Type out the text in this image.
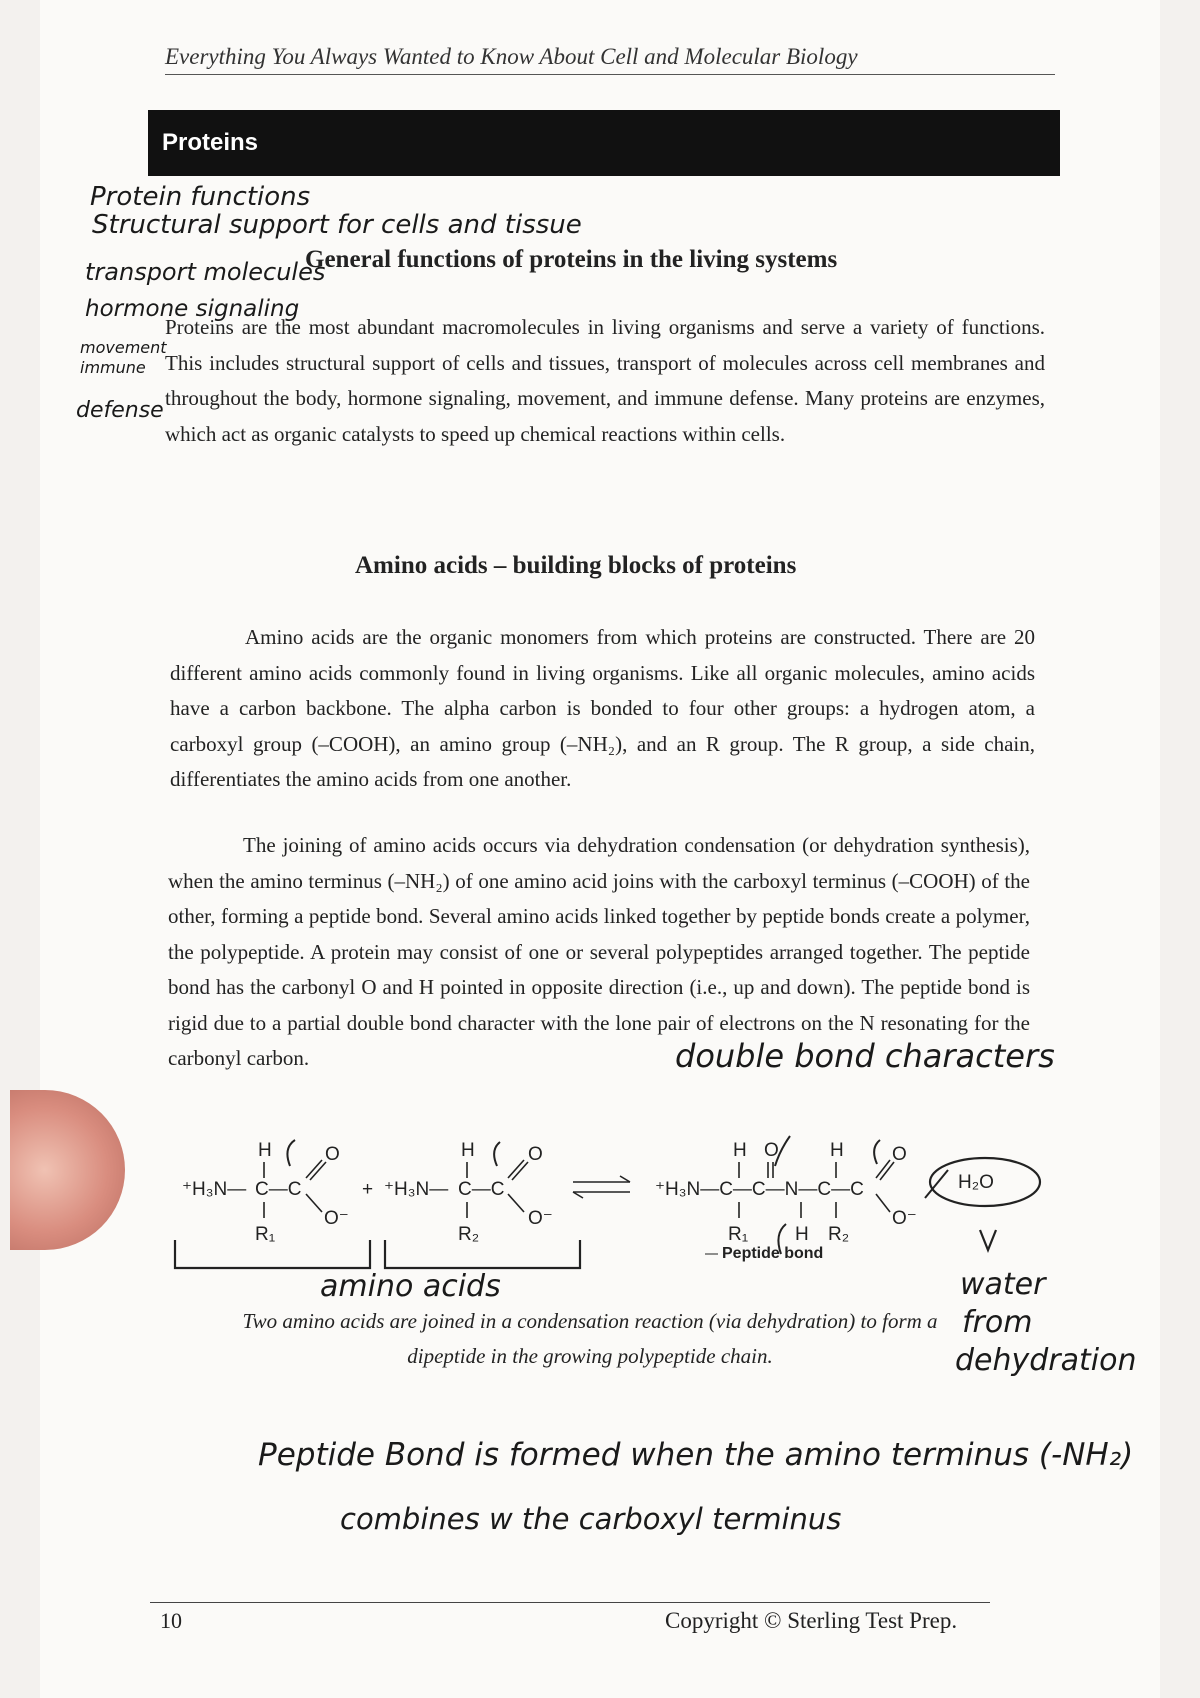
Everything You Always Wanted to Know About Cell and Molecular Biology
Proteins
Protein functions
Structural support for cells and tissue
transport molecules
hormone signaling
movement
immune
defense
General functions of proteins in the living systems

Proteins are the most abundant macromolecules in living organisms and serve a variety of functions. This includes structural support of cells and tissues, transport of molecules across cell membranes and throughout the body, hormone signaling, movement, and immune defense. Many proteins are enzymes, which act as organic catalysts to speed up chemical reactions within cells.

Amino acids – building blocks of proteins

Amino acids are the organic monomers from which proteins are constructed. There are 20 different amino acids commonly found in living organisms. Like all organic molecules, amino acids have a carbon backbone. The alpha carbon is bonded to four other groups: a hydrogen atom, a carboxyl group (–COOH), an amino group (–NH₂), and an R group. The R group, a side chain, differentiates the amino acids from one another.

The joining of amino acids occurs via dehydration condensation (or dehydration synthesis), when the amino terminus (–NH₂) of one amino acid joins with the carboxyl terminus (–COOH) of the other, forming a peptide bond. Several amino acids linked together by peptide bonds create a polymer, the polypeptide. A protein may consist of one or several polypeptides arranged together. The peptide bond has the carbonyl O and H pointed in opposite direction (i.e., up and down). The peptide bond is rigid due to a partial double bond character with the lone pair of electrons on the N resonating for the carbonyl carbon.	double bond characters
⁺H₃N— C—C
H
R₁
O
O⁻
+ ⁺H₃N— C—C
H
R₂
O
O⁻
⁺H₃N—C—C—N—C—C
H O	H
R₁ H R₂
O
O⁻
Peptide bond
H₂O
amino acids	water
from
dehydration
Two amino acids are joined in a condensation reaction (via dehydration) to form a dipeptide in the growing polypeptide chain.
Peptide Bond is formed when the amino terminus (-NH₂)
combines w the carboxyl terminus
10	Copyright © Sterling Test Prep.
